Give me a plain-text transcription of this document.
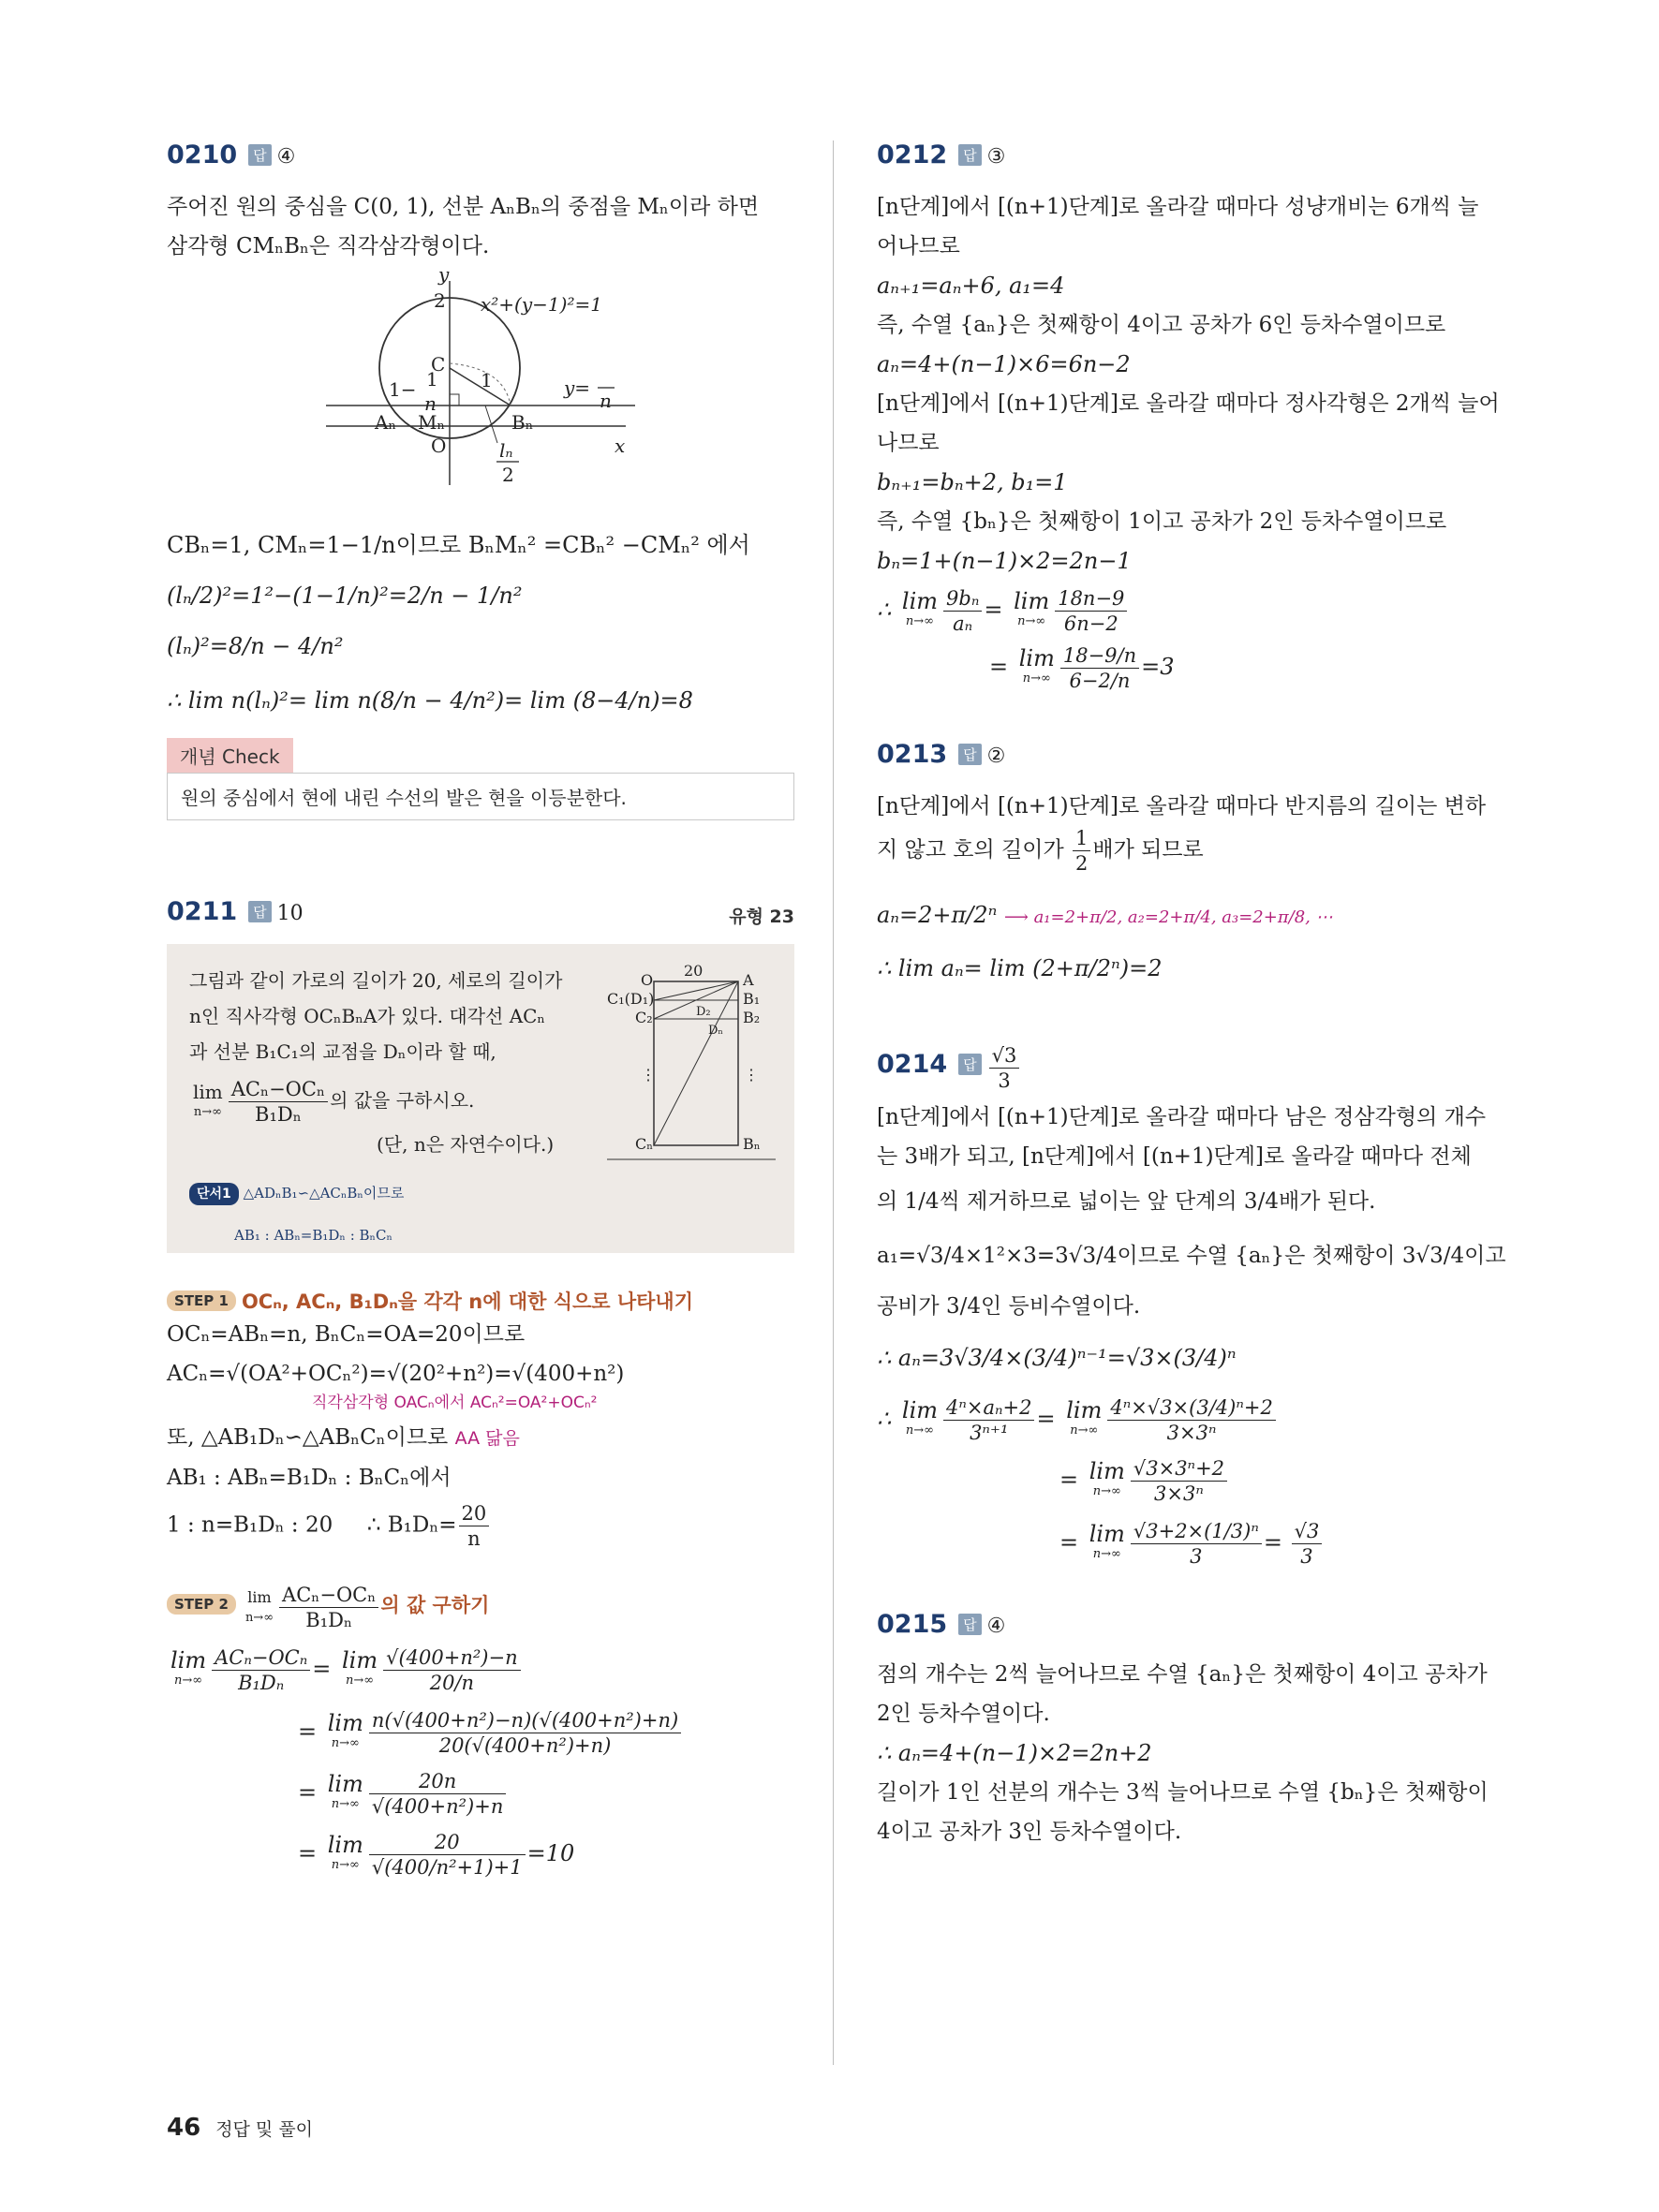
0210 답 ④
주어진 원의 중심을 C(0, 1), 선분 AₙBₙ의 중점을 Mₙ이라 하면
삼각형 CMₙBₙ은 직각삼각형이다.
y
2 x²+(y−1)²=1
C
1
1− 1
n
y=
n
Aₙ Mₙ	Bₙ
O	x
lₙ
2
CBₙ=1, CMₙ=1−1/n이므로 BₙMₙ² =CBₙ² −CMₙ² 에서
(lₙ/2)²=1²−(1−1/n)²=2/n − 1/n²
(lₙ)²=8/n − 4/n²
∴ lim n(lₙ)²= lim n(8/n − 4/n²)= lim (8−4/n)=8
개념 Check
원의 중심에서 현에 내린 수선의 발은 현을 이등분한다.
0211 답 10	유형 23
그림과 같이 가로의 길이가 20, 세로의 길이가
n인 직사각형 OCₙBₙA가 있다. 대각선 ACₙ
과 선분 B₁C₁의 교점을 Dₙ이라 할 때,
lim
$n\to\infty \frac{\text{ACₙ−OCₙ}}{\text{B₁Dₙ}}$ 의 값을 구하시오.
(단, n은 자연수이다.)
O
20
A
C₁(D₁)	B₁
C₂	D₂ B₂
Dₙ
⋮	⋮
Cₙ	Bₙ
단서1 △ADₙB₁∽△ACₙBₙ이므로
AB₁ : ABₙ=B₁Dₙ : BₙCₙ
STEP 1 OCₙ, ACₙ, B₁Dₙ을 각각 n에 대한 식으로 나타내기
OCₙ=ABₙ=n, BₙCₙ=OA=20이므로
ACₙ=√(OA²+OCₙ²)=√(20²+n²)=√(400+n²)
직각삼각형 OACₙ에서 ACₙ²=OA²+OCₙ²
또, △AB₁Dₙ∽△ABₙCₙ이므로 AA 닮음
AB₁ : ABₙ=B₁Dₙ : BₙCₙ에서
1 : n=B₁Dₙ : 20 ∴ $B_1D_n= \frac{20}{n}$
STEP 2 lim
$n\to\infty \frac{\text{ACₙ−OCₙ}}{\text{B₁Dₙ}}$ 의 값 구하기
lim
$n\to\infty \frac{\text{ACₙ−OCₙ}}{\text{B₁Dₙ}} = \lim$
$n\to\infty \frac{\text{√(400+n²)−n}}{20/n}$
= lim
$n\to\infty \frac{\text{n(√(400+n²)−n)(√(400+n²)+n)}}{\text{20(√(400+n²)+n)}}$
= lim
$n\to\infty \frac{20n}{\text{√(400+n²)+n}}$
= lim
$n\to\infty \frac{20}{\text{√(400/n²+1)+1}} =10$
0212 답 ③
[n단계]에서 [(n+1)단계]로 올라갈 때마다 성냥개비는 6개씩 늘
어나므로
aₙ₊₁=aₙ+6, a₁=4
즉, 수열 {aₙ}은 첫째항이 4이고 공차가 6인 등차수열이므로
aₙ=4+(n−1)×6=6n−2
[n단계]에서 [(n+1)단계]로 올라갈 때마다 정사각형은 2개씩 늘어
나므로
bₙ₊₁=bₙ+2, b₁=1
즉, 수열 {bₙ}은 첫째항이 1이고 공차가 2인 등차수열이므로
bₙ=1+(n−1)×2=2n−1
∴ lim
$n\to\infty \frac{\text{9bₙ}}{\text{aₙ}} = \lim$
$n\to\infty \frac{18n-9}{6n-2}$
= lim
$n\to\infty \frac{18-9/n}{6-2/n} =3$
0213 답 ②
[n단계]에서 [(n+1)단계]로 올라갈 때마다 반지름의 길이는 변하
지 않고 호의 길이가 $\frac{1}{2}$ 배가 되므로
aₙ=2+π/2ⁿ ⟶ a₁=2+π/2, a₂=2+π/4, a₃=2+π/8, ⋯
∴ lim aₙ= lim (2+π/2ⁿ)=2
0214 답 $\frac{√3}{3}$
[n단계]에서 [(n+1)단계]로 올라갈 때마다 남은 정삼각형의 개수
는 3배가 되고, [n단계]에서 [(n+1)단계]로 올라갈 때마다 전체
의 1/4씩 제거하므로 넓이는 앞 단계의 3/4배가 된다.
a₁=√3/4×1²×3=3√3/4이므로 수열 {aₙ}은 첫째항이 3√3/4이고
공비가 3/4인 등비수열이다.
∴ aₙ=3√3/4×(3/4)ⁿ⁻¹=√3×(3/4)ⁿ
∴ lim
$n\to\infty \frac{\text{4ⁿ×aₙ+2}}{\text{3ⁿ⁺¹}} = \lim$
$n\to\infty \frac{\text{4ⁿ×√3×(3/4)ⁿ+2}}{\text{3×3ⁿ}}$
= lim
$n\to\infty \frac{\text{√3×3ⁿ+2}}{\text{3×3ⁿ}}$
= lim
$n\to\infty \frac{\text{√3+2×(1/3)ⁿ}}{3} = \frac{√3}{3}$
0215 답 ④
점의 개수는 2씩 늘어나므로 수열 {aₙ}은 첫째항이 4이고 공차가
2인 등차수열이다.
∴ aₙ=4+(n−1)×2=2n+2
길이가 1인 선분의 개수는 3씩 늘어나므로 수열 {bₙ}은 첫째항이
4이고 공차가 3인 등차수열이다.
46 정답 및 풀이
